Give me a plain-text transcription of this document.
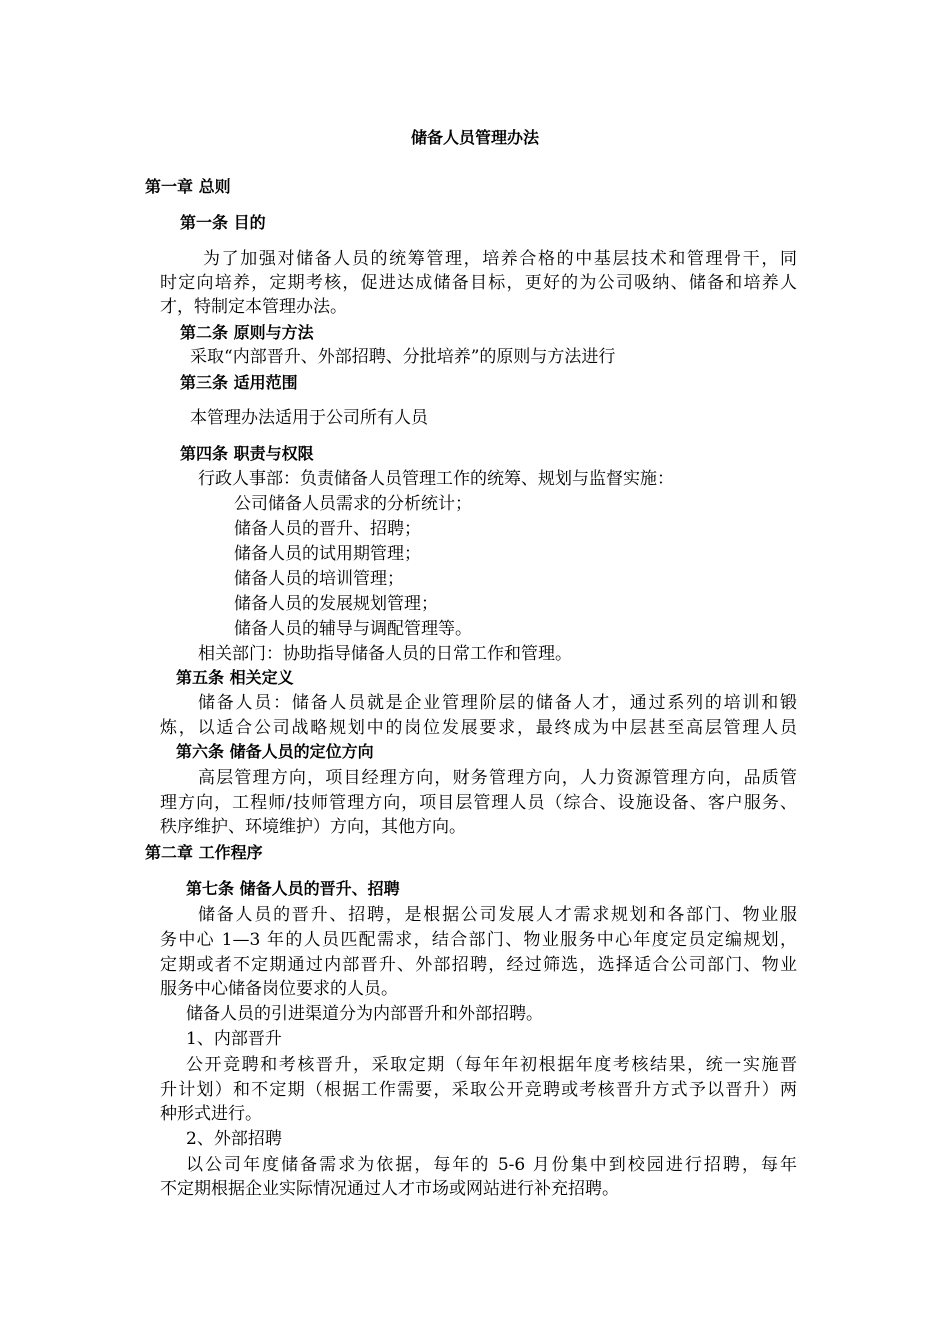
储备人员管理办法

第一章 总则

第一条 目的

为了加强对储备人员的统筹管理，培养合格的中基层技术和管理骨干，同

时定向培养，定期考核，促进达成储备目标，更好的为公司吸纳、储备和培养人

才，特制定本管理办法。

第二条 原则与方法

采取“内部晋升、外部招聘、分批培养”的原则与方法进行

第三条 适用范围

本管理办法适用于公司所有人员

第四条 职责与权限

行政人事部：负责储备人员管理工作的统筹、规划与监督实施：

公司储备人员需求的分析统计；

储备人员的晋升、招聘；

储备人员的试用期管理；

储备人员的培训管理；

储备人员的发展规划管理；

储备人员的辅导与调配管理等。

相关部门：协助指导储备人员的日常工作和管理。

第五条 相关定义

储备人员：储备人员就是企业管理阶层的储备人才，通过系列的培训和锻

炼，以适合公司战略规划中的岗位发展要求，最终成为中层甚至高层管理人员

第六条 储备人员的定位方向

高层管理方向，项目经理方向，财务管理方向，人力资源管理方向，品质管

理方向，工程师/技师管理方向，项目层管理人员（综合、设施设备、客户服务、

秩序维护、环境维护）方向，其他方向。

第二章 工作程序

第七条 储备人员的晋升、招聘

储备人员的晋升、招聘，是根据公司发展人才需求规划和各部门、物业服

务中心 1—3 年的人员匹配需求，结合部门、物业服务中心年度定员定编规划，

定期或者不定期通过内部晋升、外部招聘，经过筛选，选择适合公司部门、物业

服务中心储备岗位要求的人员。

储备人员的引进渠道分为内部晋升和外部招聘。

1、内部晋升

公开竞聘和考核晋升，采取定期（每年年初根据年度考核结果，统一实施晋

升计划）和不定期（根据工作需要，采取公开竞聘或考核晋升方式予以晋升）两

种形式进行。

2、外部招聘

以公司年度储备需求为依据，每年的 5-6 月份集中到校园进行招聘，每年

不定期根据企业实际情况通过人才市场或网站进行补充招聘。
